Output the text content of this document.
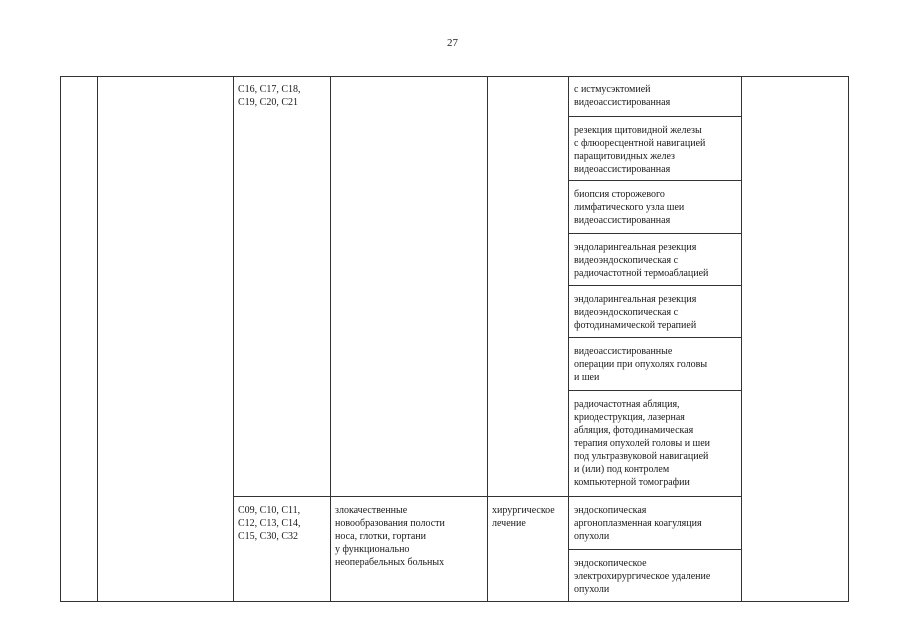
27
С16, С17, С18,
С19, С20, С21
с истмусэктомией
видеоассистированная
резекция щитовидной железы
с флюоресцентной навигацией
паращитовидных желез
видеоассистированная
биопсия сторожевого
лимфатического узла шеи
видеоассистированная
эндоларингеальная резекция
видеоэндоскопическая с
радиочастотной термоаблацией
эндоларингеальная резекция
видеоэндоскопическая с
фотодинамической терапией
видеоассистированные
операции при опухолях головы
и шеи
радиочастотная абляция,
криодеструкция, лазерная
абляция, фотодинамическая
терапия опухолей головы и шеи
под ультразвуковой навигацией
и (или) под контролем
компьютерной томографии
С09, С10, С11,
С12, С13, С14,
С15, С30, С32
злокачественные
новообразования полости
носа, глотки, гортани
у функционально
неоперабельных больных
хирургическое
лечение
эндоскопическая
аргоноплазменная коагуляция
опухоли
эндоскопическое
электрохирургическое удаление
опухоли
